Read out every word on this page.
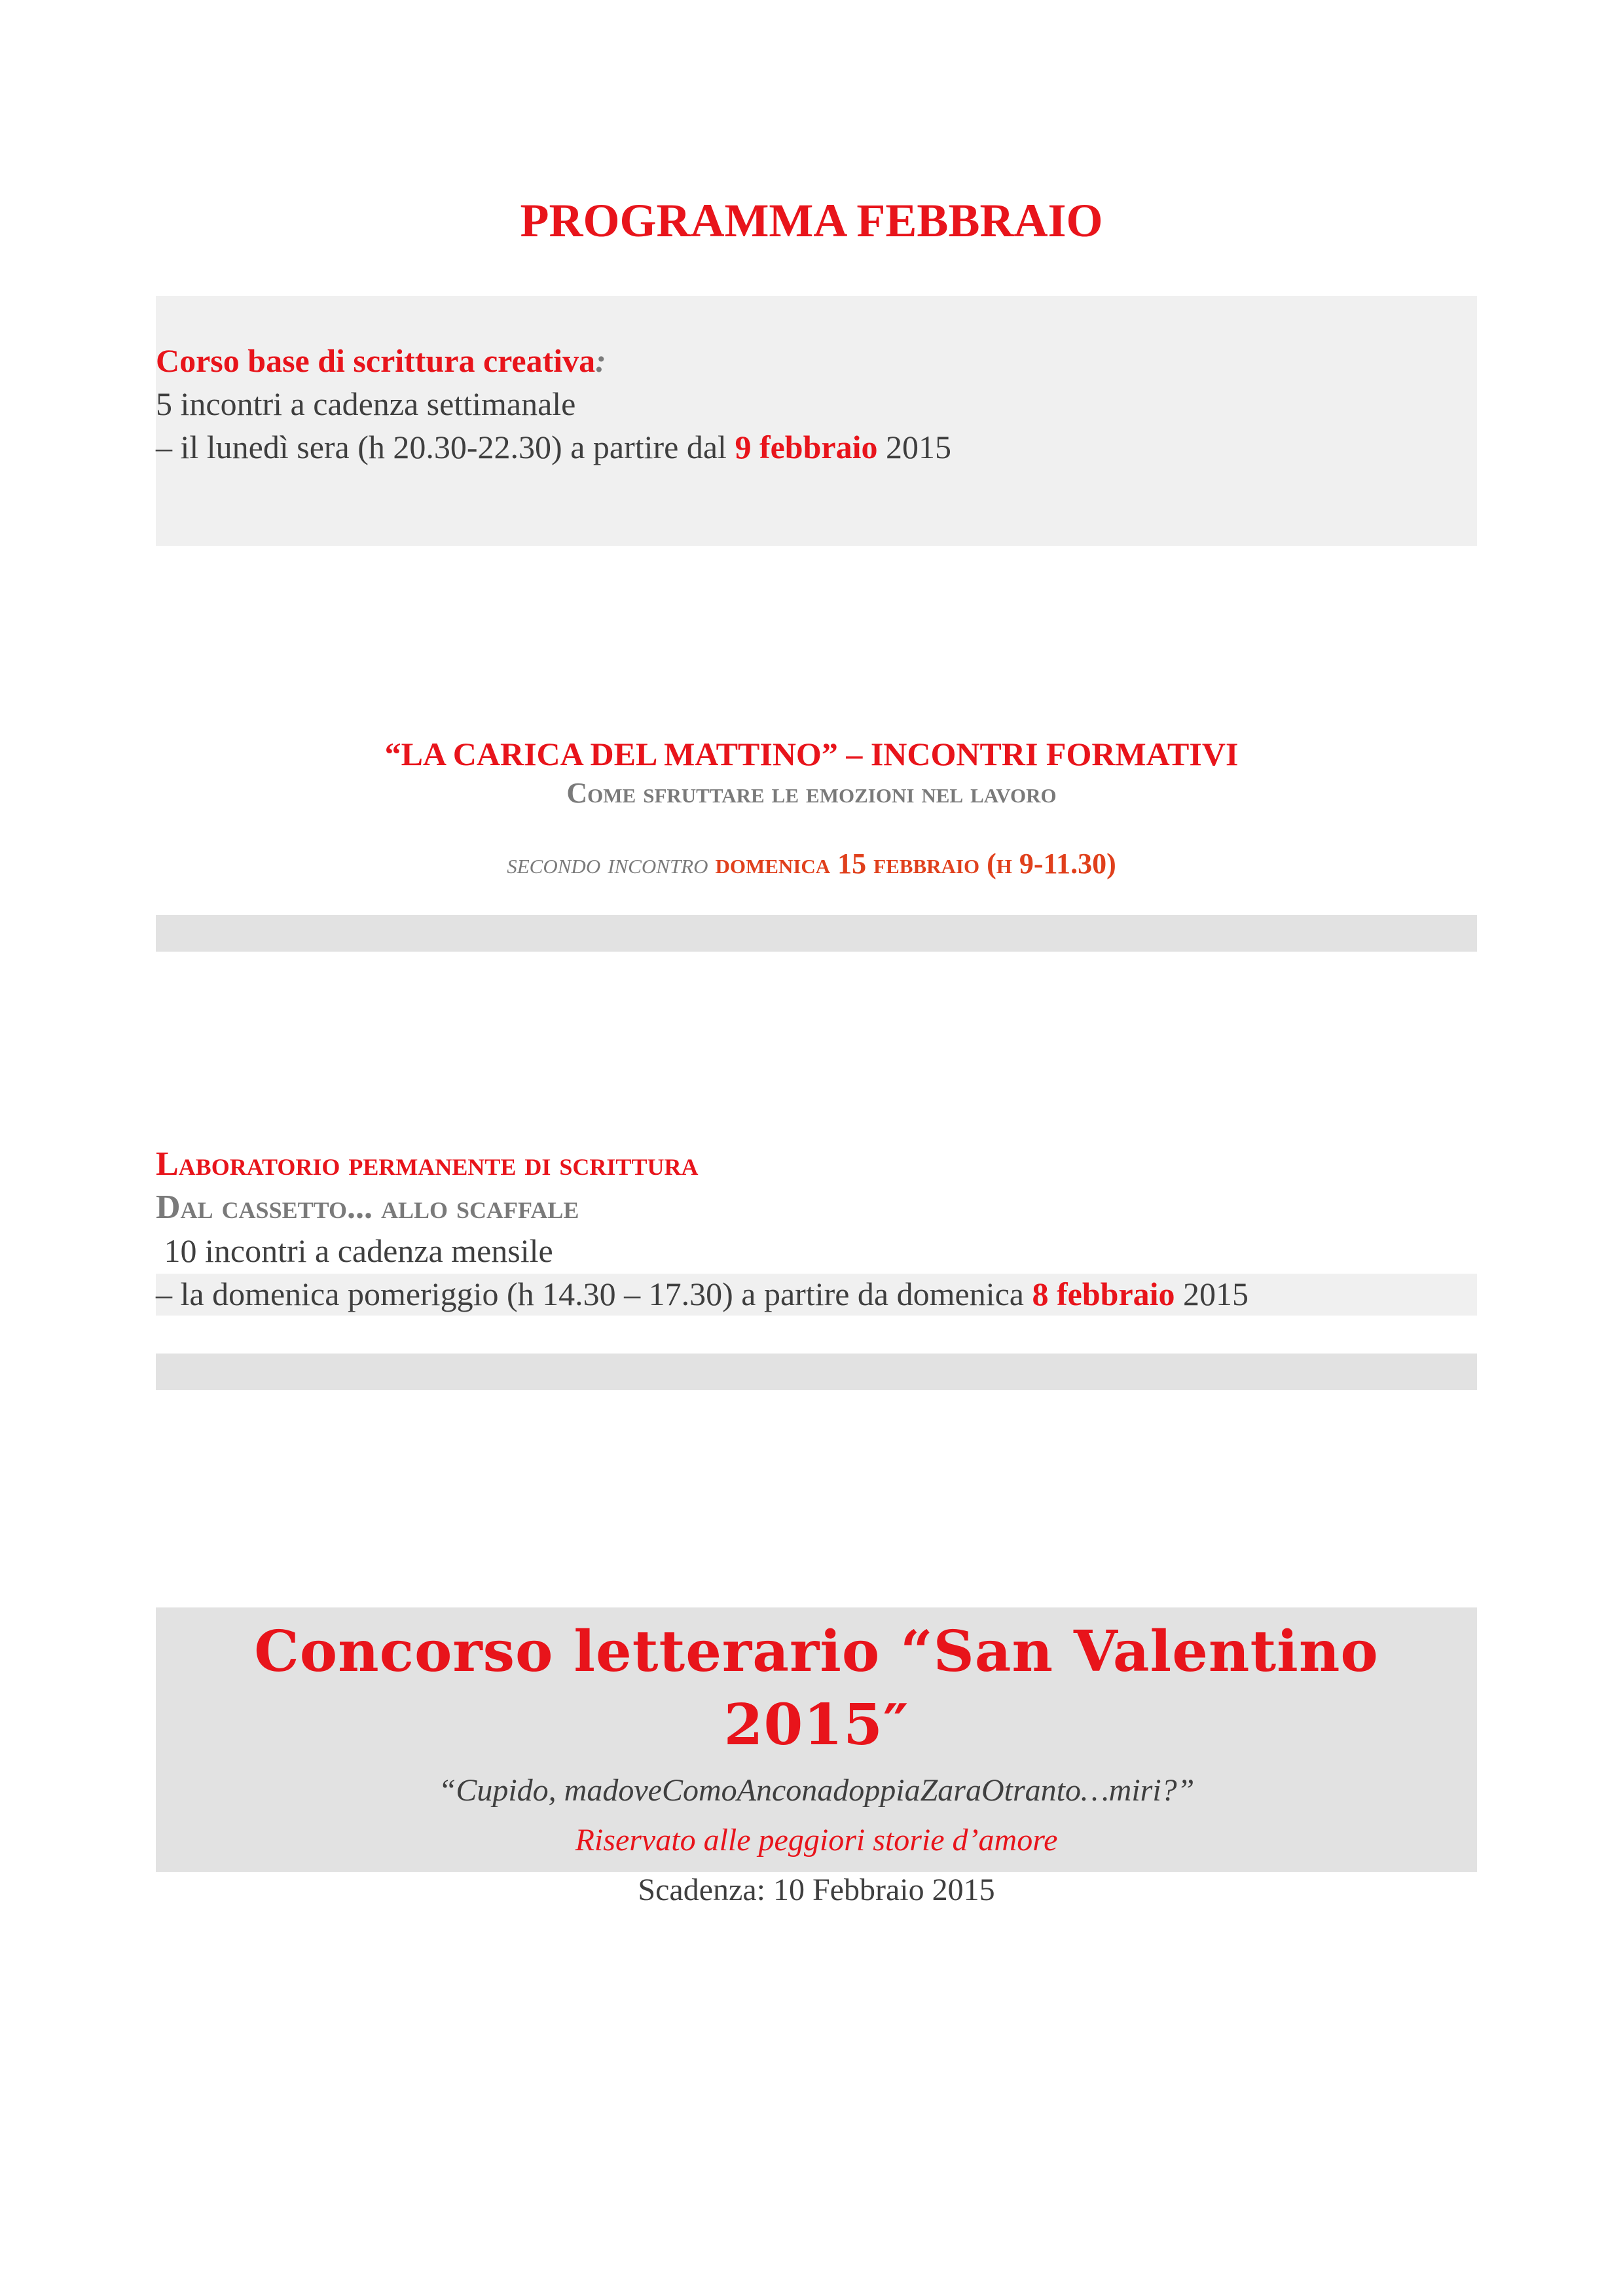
PROGRAMMA FEBBRAIO
Corso base di scrittura creativa:
5 incontri a cadenza settimanale
– il lunedì sera (h 20.30-22.30) a partire dal 9 febbraio 2015
“LA CARICA DEL MATTINO” – INCONTRI FORMATIVI
Come sfruttare le emozioni nel lavoro
secondo incontro domenica 15 febbraio (h 9-11.30)
Laboratorio permanente di scrittura
Dal cassetto... allo scaffale
10 incontri a cadenza mensile
– la domenica pomeriggio (h 14.30 – 17.30) a partire da domenica 8 febbraio 2015
Concorso letterario “San Valentino 2015″
“Cupido, madoveComoAnconadoppiaZaraOtranto…miri?”
Riservato alle peggiori storie d’amore
Scadenza: 10 Febbraio 2015
